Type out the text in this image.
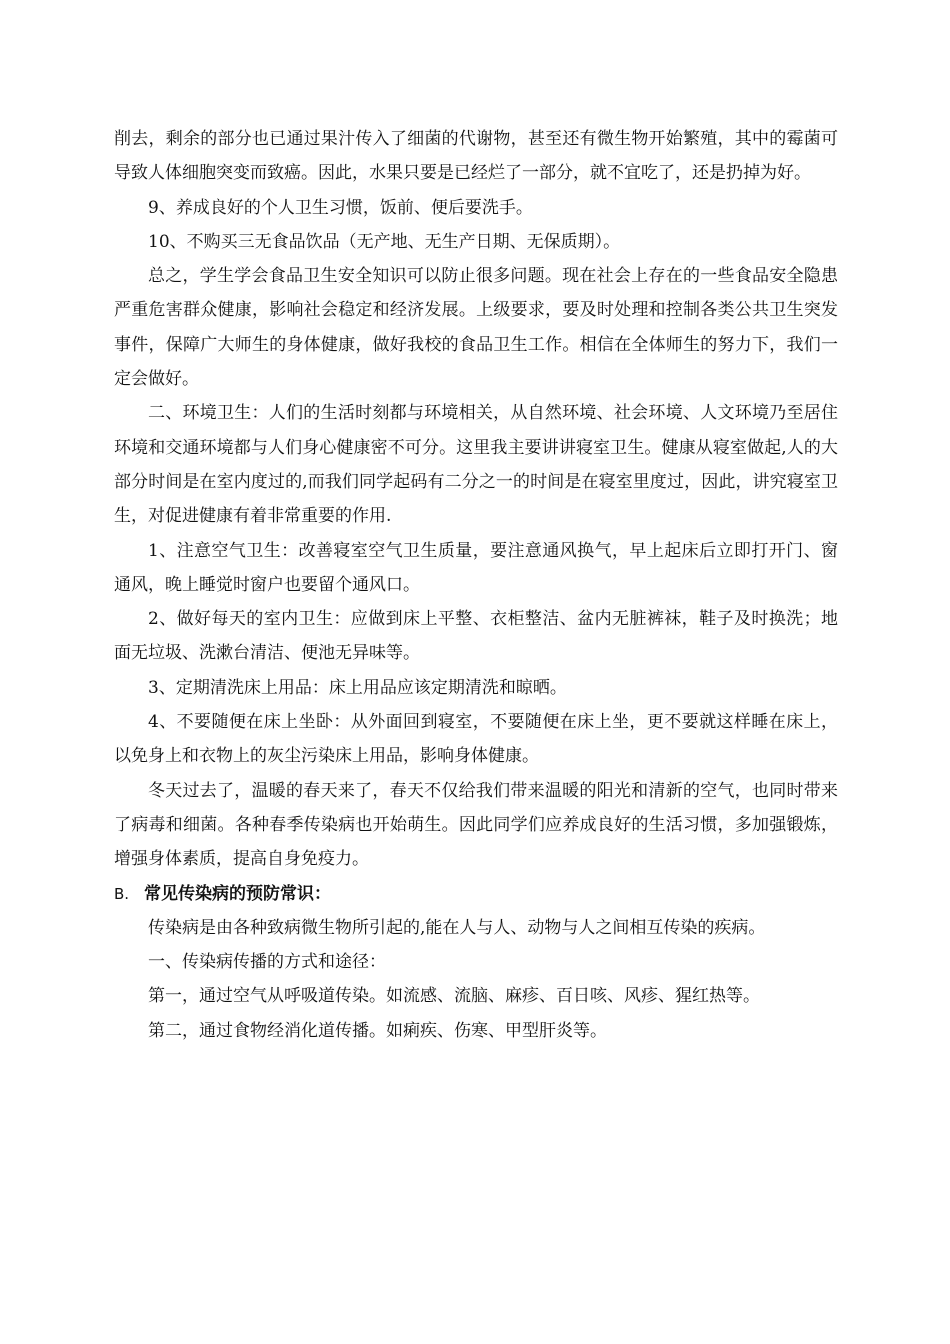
削去，剩余的部分也已通过果汁传入了细菌的代谢物，甚至还有微生物开始繁殖，其中的霉菌可导致人体细胞突变而致癌。因此，水果只要是已经烂了一部分，就不宜吃了，还是扔掉为好。

9、养成良好的个人卫生习惯，饭前、便后要洗手。

10、不购买三无食品饮品（无产地、无生产日期、无保质期）。

总之，学生学会食品卫生安全知识可以防止很多问题。现在社会上存在的一些食品安全隐患严重危害群众健康，影响社会稳定和经济发展。上级要求，要及时处理和控制各类公共卫生突发事件，保障广大师生的身体健康，做好我校的食品卫生工作。相信在全体师生的努力下，我们一定会做好。

二、环境卫生：人们的生活时刻都与环境相关，从自然环境、社会环境、人文环境乃至居住环境和交通环境都与人们身心健康密不可分。这里我主要讲讲寝室卫生。健康从寝室做起,人的大部分时间是在室内度过的,而我们同学起码有二分之一的时间是在寝室里度过，因此，讲究寝室卫生，对促进健康有着非常重要的作用.

1、注意空气卫生：改善寝室空气卫生质量，要注意通风换气，早上起床后立即打开门、窗通风，晚上睡觉时窗户也要留个通风口。

2、做好每天的室内卫生：应做到床上平整、衣柜整洁、盆内无脏裤袜，鞋子及时换洗；地面无垃圾、洗漱台清洁、便池无异味等。

3、定期清洗床上用品：床上用品应该定期清洗和晾晒。

4、不要随便在床上坐卧：从外面回到寝室，不要随便在床上坐，更不要就这样睡在床上，以免身上和衣物上的灰尘污染床上用品，影响身体健康。

冬天过去了，温暖的春天来了，春天不仅给我们带来温暖的阳光和清新的空气，也同时带来了病毒和细菌。各种春季传染病也开始萌生。因此同学们应养成良好的生活习惯，多加强锻炼，增强身体素质，提高自身免疫力。

B. 常见传染病的预防常识：

传染病是由各种致病微生物所引起的,能在人与人、动物与人之间相互传染的疾病。

一、传染病传播的方式和途径：

第一，通过空气从呼吸道传染。如流感、流脑、麻疹、百日咳、风疹、猩红热等。

第二，通过食物经消化道传播。如痢疾、伤寒、甲型肝炎等。
